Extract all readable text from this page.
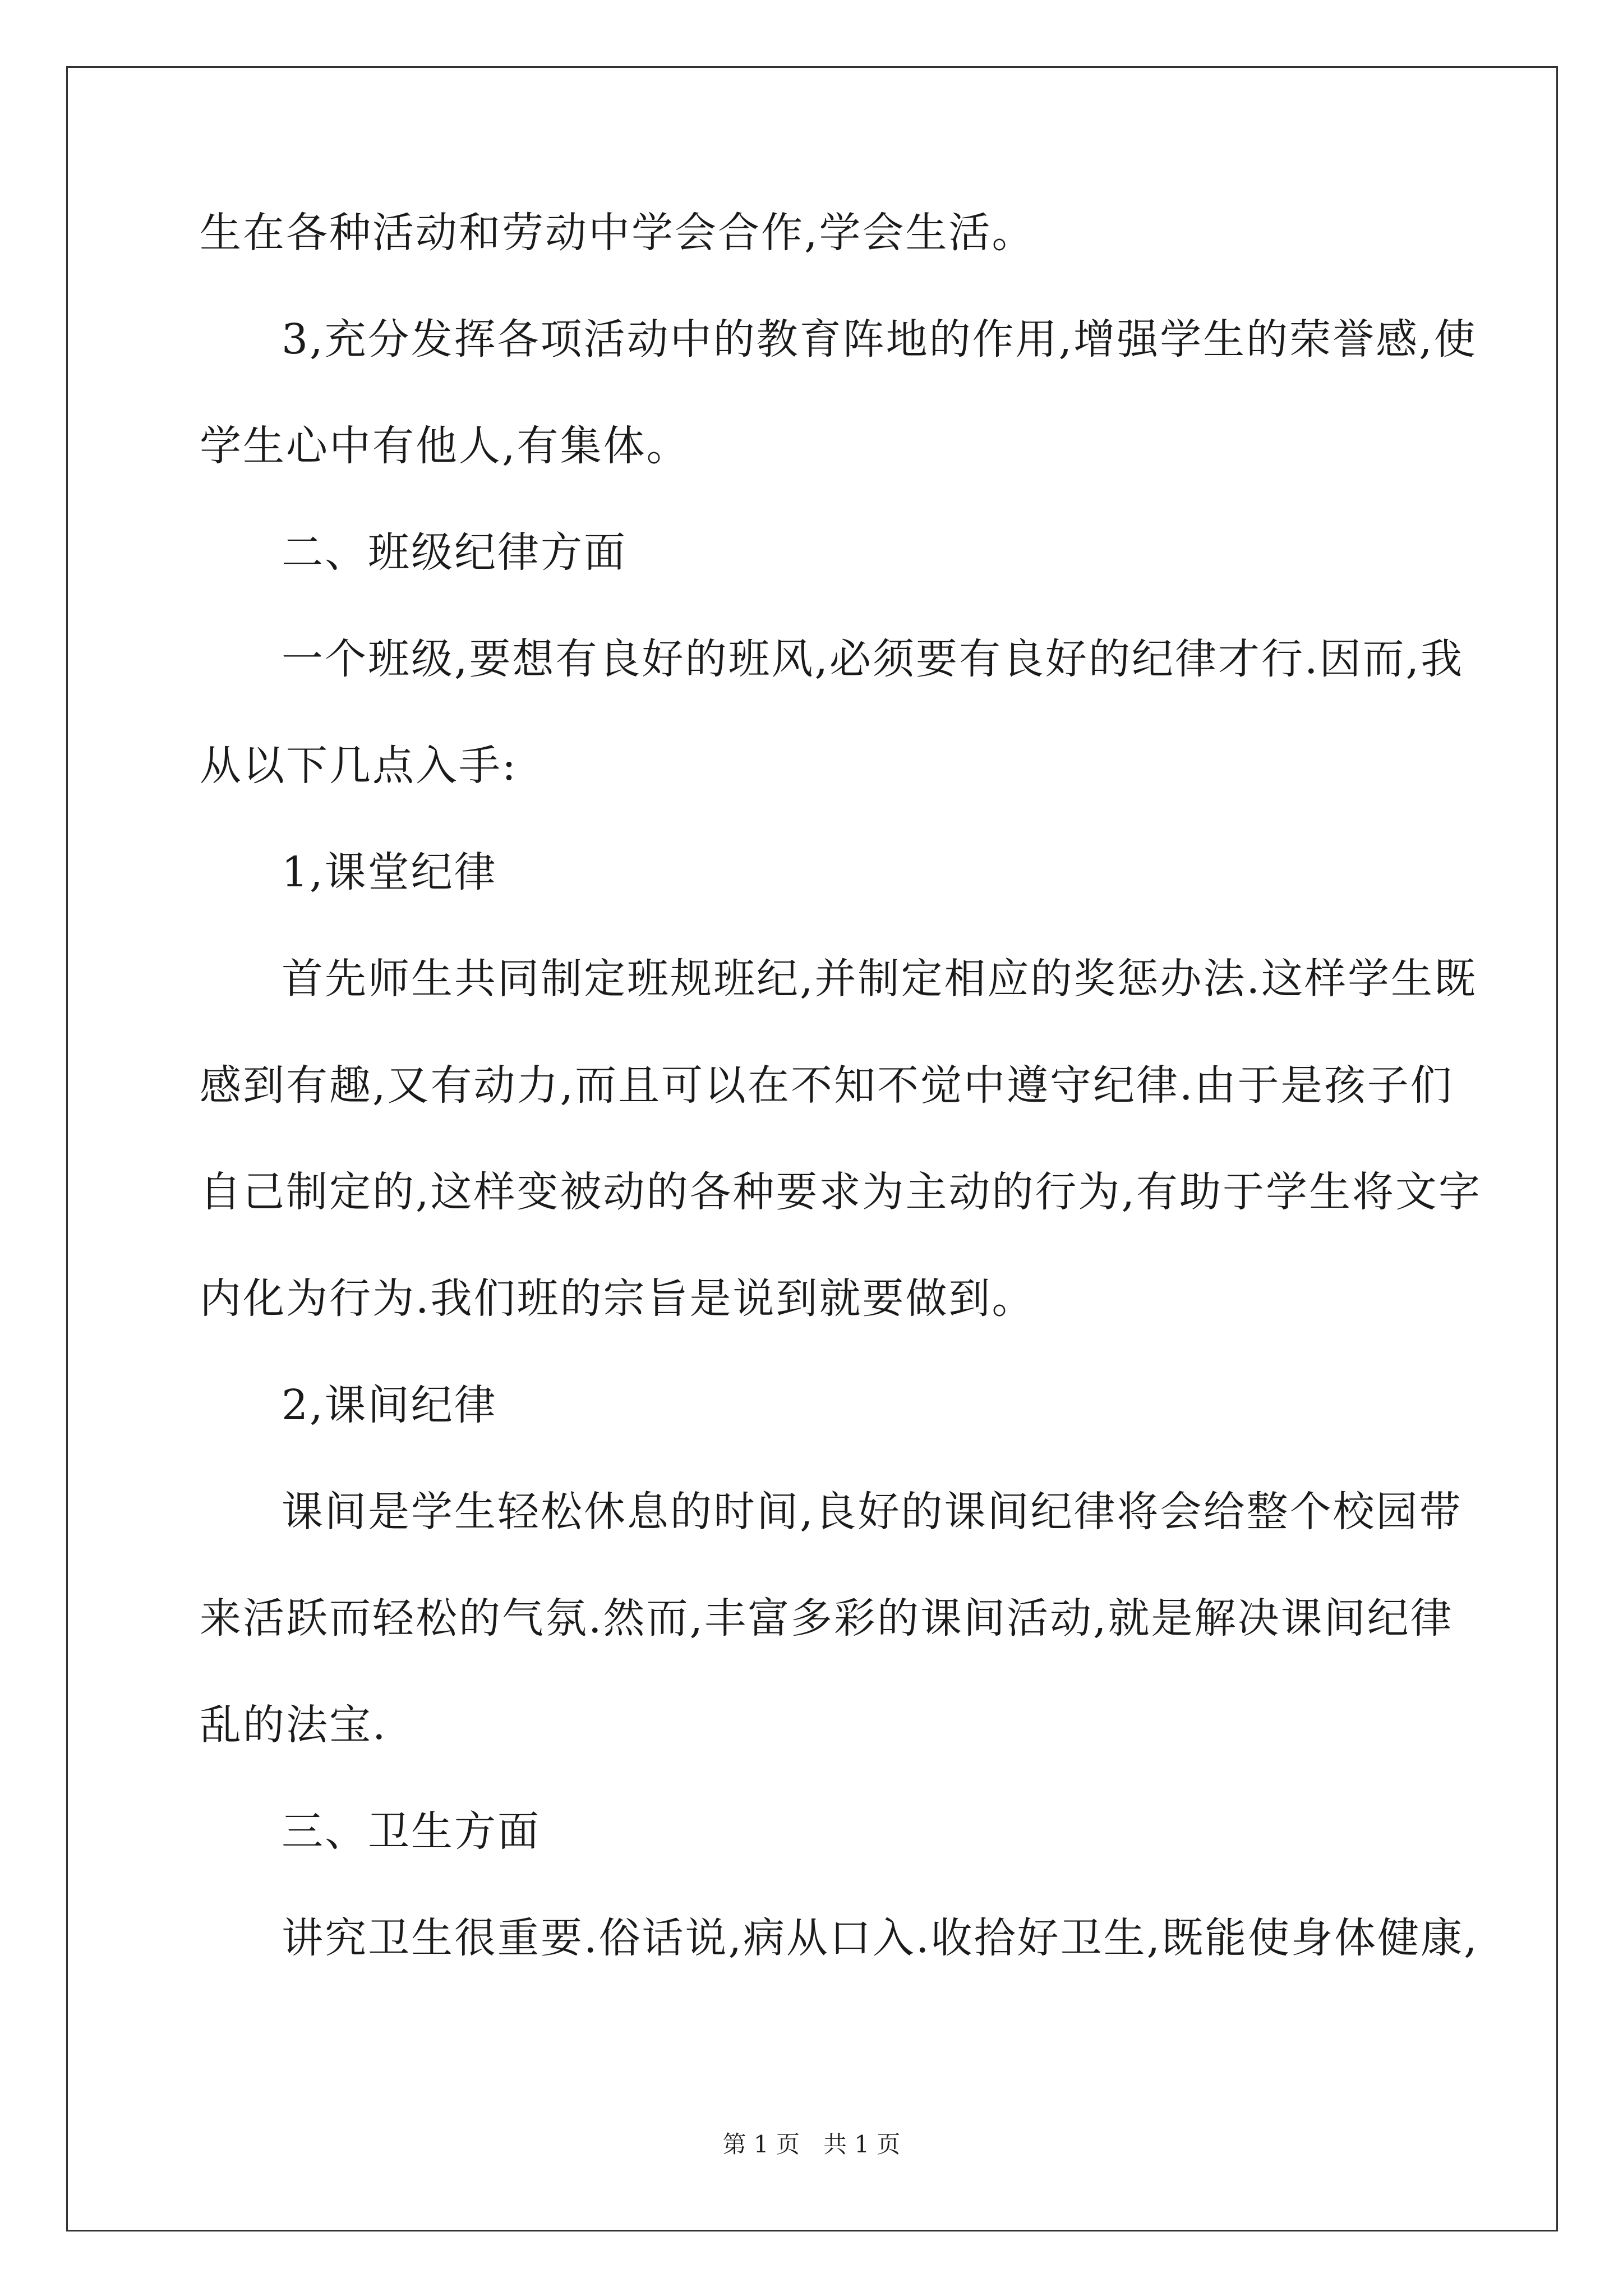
生在各种活动和劳动中学会合作,学会生活。
3,充分发挥各项活动中的教育阵地的作用,增强学生的荣誉感,使
学生心中有他人,有集体。
二、班级纪律方面
一个班级,要想有良好的班风,必须要有良好的纪律才行.因而,我
从以下几点入手:
1,课堂纪律
首先师生共同制定班规班纪,并制定相应的奖惩办法.这样学生既
感到有趣,又有动力,而且可以在不知不觉中遵守纪律.由于是孩子们
自己制定的,这样变被动的各种要求为主动的行为,有助于学生将文字
内化为行为.我们班的宗旨是说到就要做到。
2,课间纪律
课间是学生轻松休息的时间,良好的课间纪律将会给整个校园带
来活跃而轻松的气氛.然而,丰富多彩的课间活动,就是解决课间纪律
乱的法宝.
三、卫生方面
讲究卫生很重要.俗话说,病从口入.收拾好卫生,既能使身体健康,
第 1 页　共 1 页
